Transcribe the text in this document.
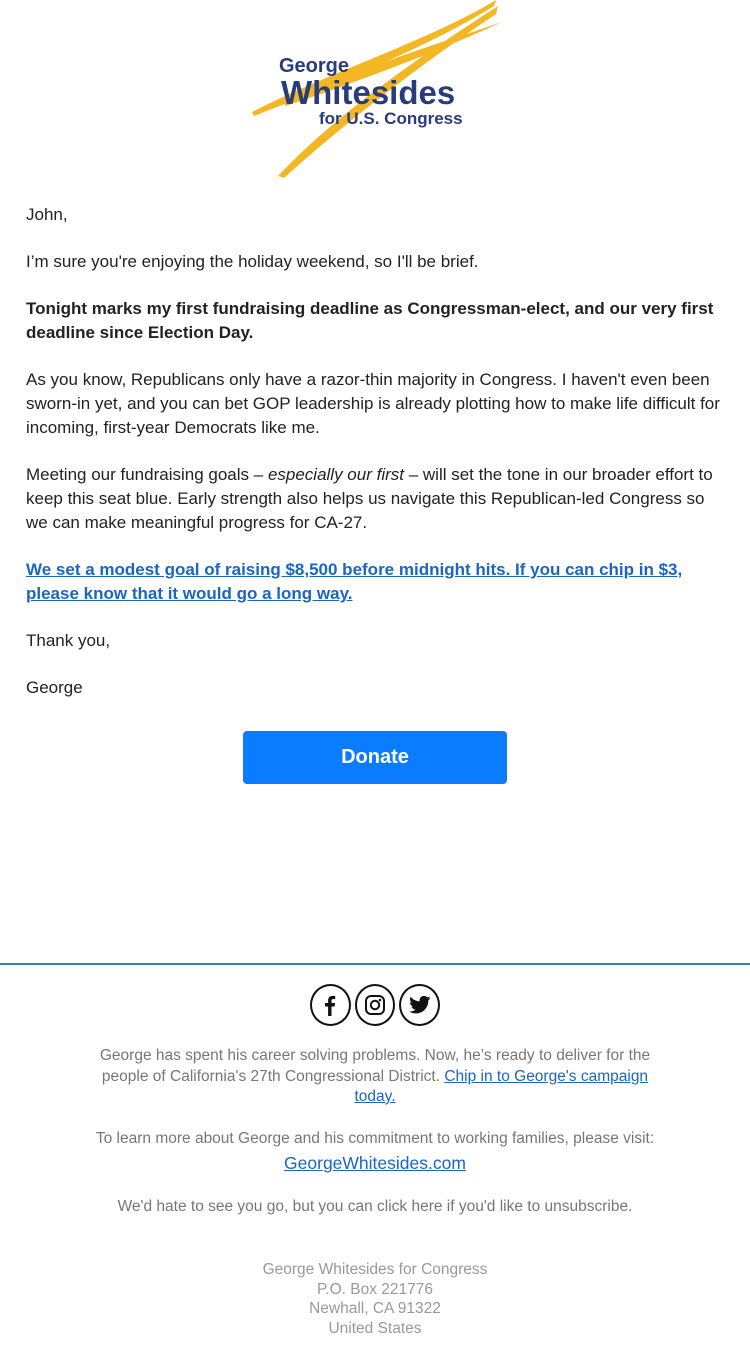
George
Whitesides
for U.S. Congress

John,

I’m sure you're enjoying the holiday weekend, so I'll be brief.

Tonight marks my first fundraising deadline as Congressman-elect, and our very first deadline since Election Day.

As you know, Republicans only have a razor-thin majority in Congress. I haven't even been sworn-in yet, and you can bet GOP leadership is already plotting how to make life difficult for incoming, first-year Democrats like me.

Meeting our fundraising goals – especially our first – will set the tone in our broader effort to keep this seat blue. Early strength also helps us navigate this Republican-led Congress so we can make meaningful progress for CA-27.

We set a modest goal of raising $8,500 before midnight hits. If you can chip in $3, please know that it would go a long way.

Thank you,

George

Donate
George has spent his career solving problems. Now, he’s ready to deliver for the people of California's 27th Congressional District. Chip in to George's campaign today.
To learn more about George and his commitment to working families, please visit:
GeorgeWhitesides.com
We'd hate to see you go, but you can click here if you'd like to unsubscribe.
George Whitesides for Congress
P.O. Box 221776
Newhall, CA 91322
United States
